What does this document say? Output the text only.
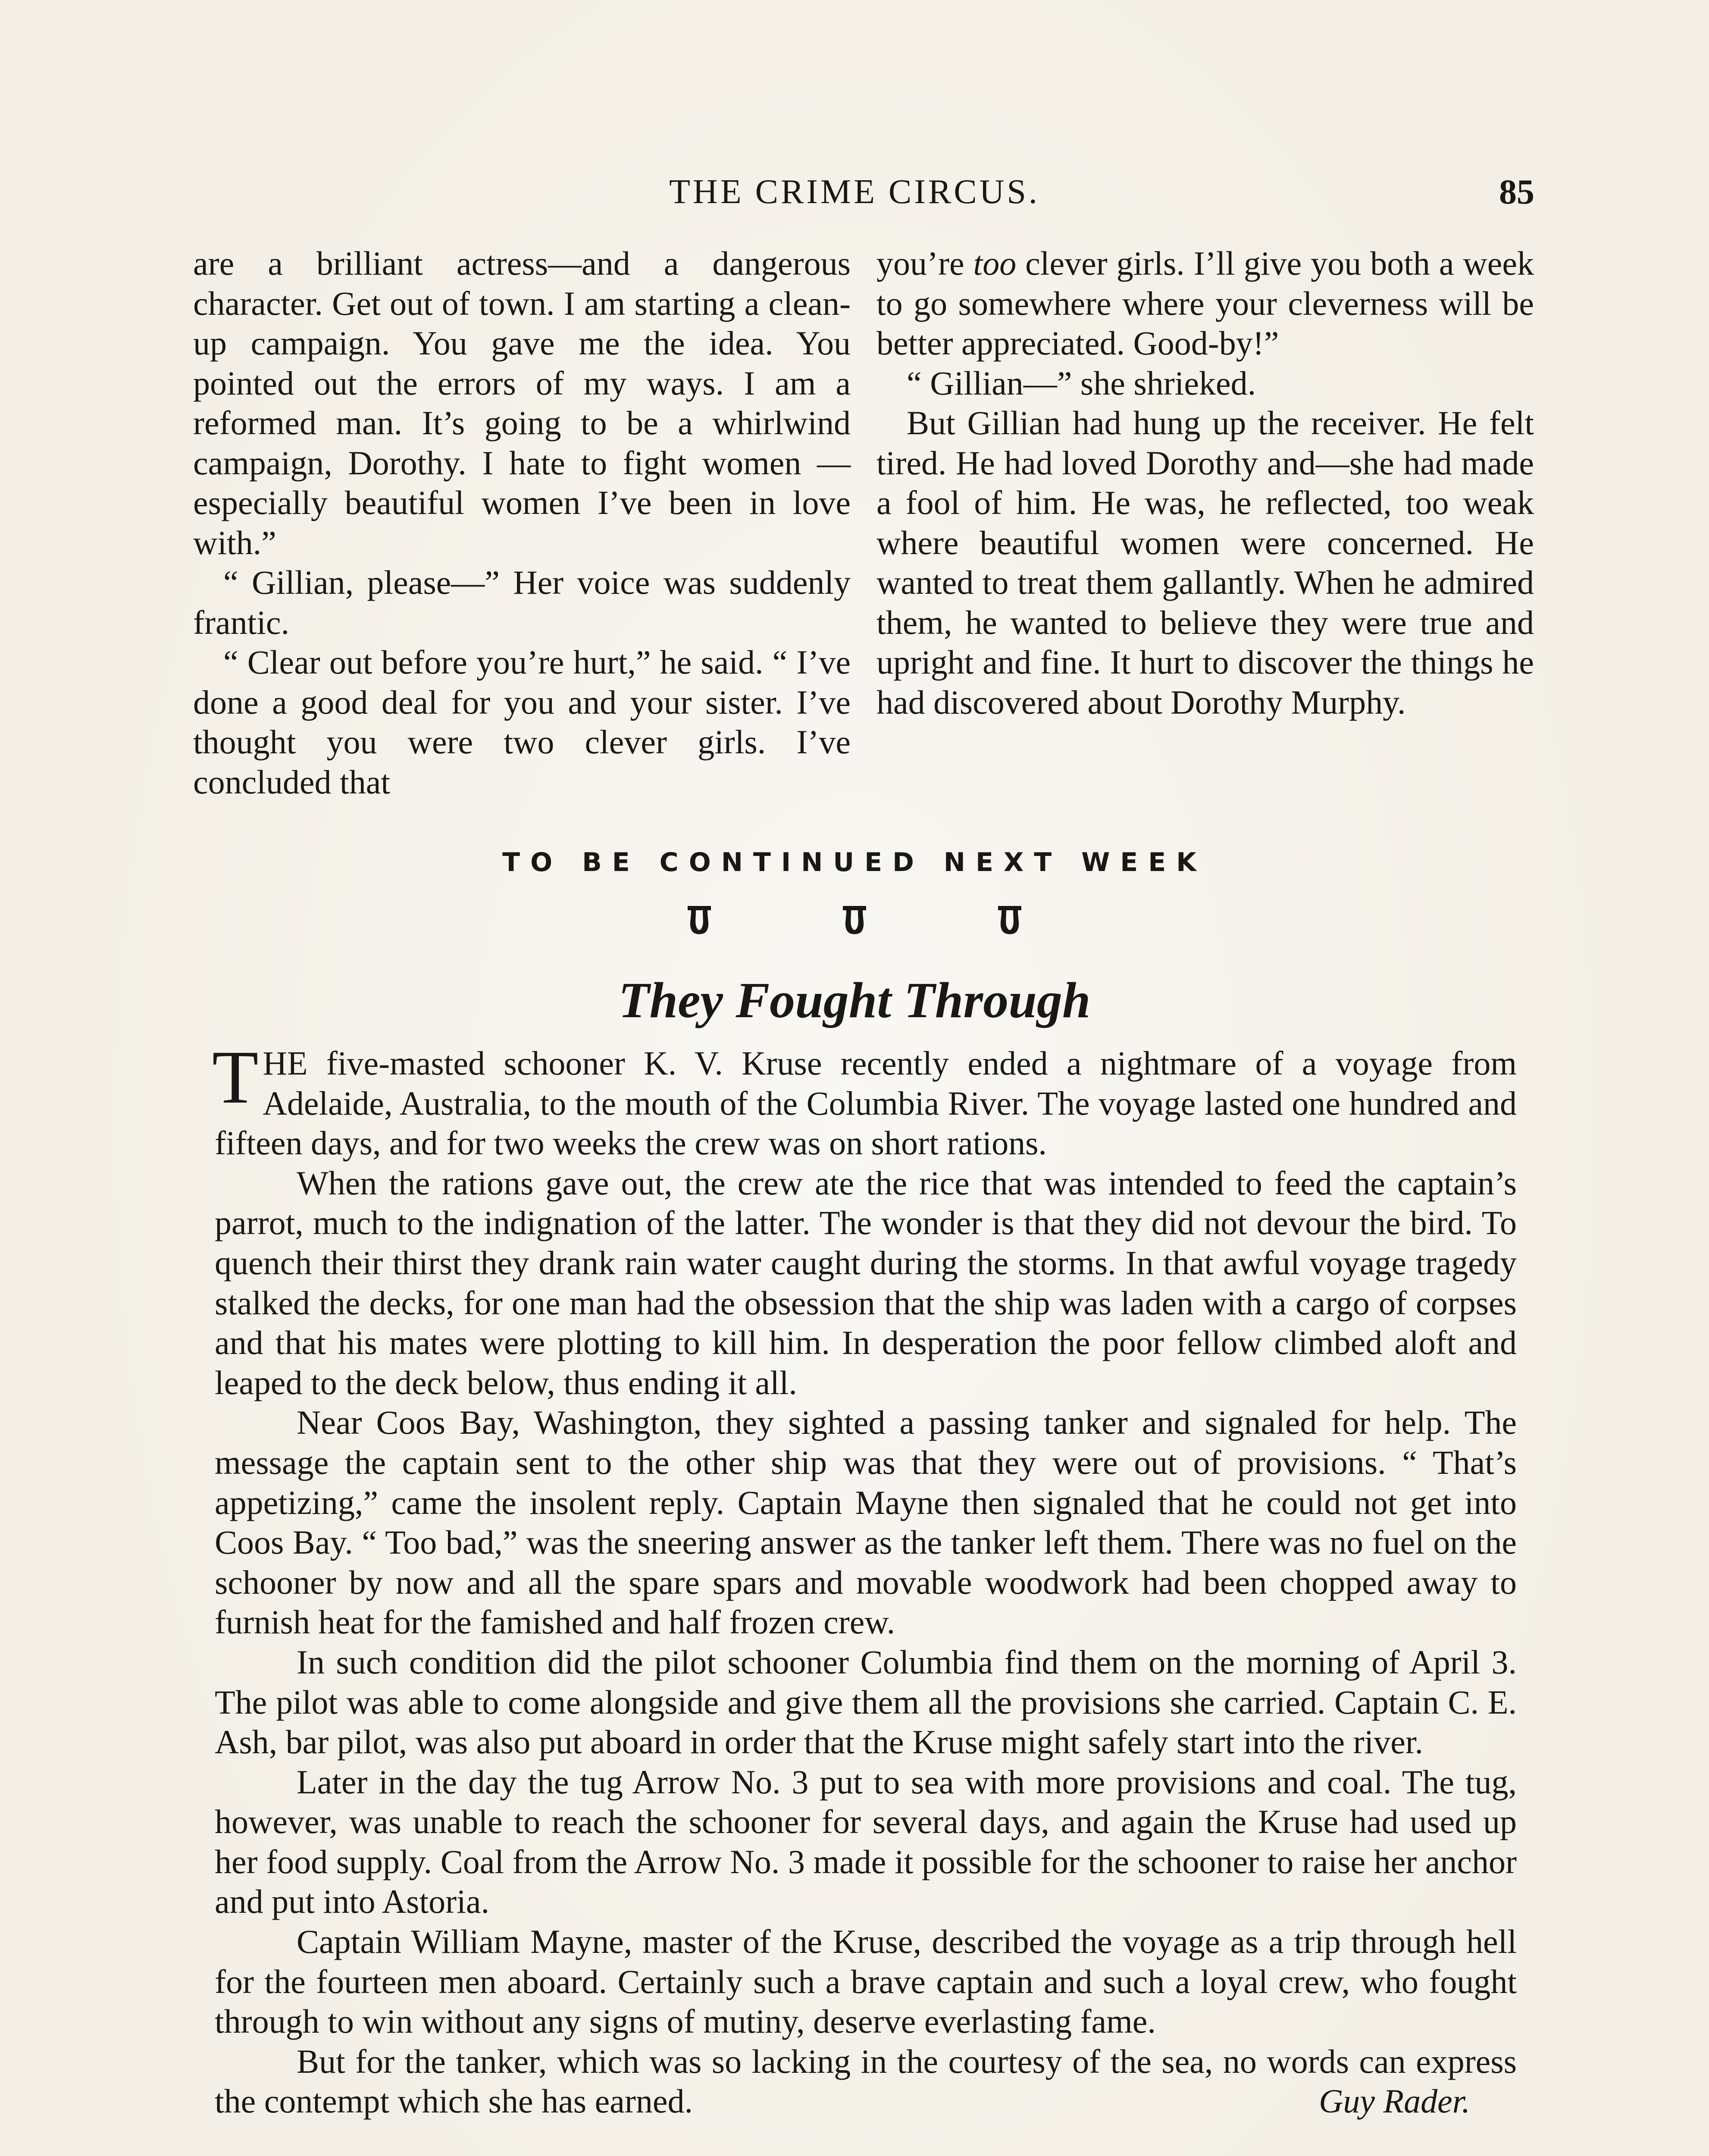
THE CRIME CIRCUS.	85

are a brilliant actress—and a dangerous character. Get out of town. I am starting a clean-up campaign. You gave me the idea. You pointed out the errors of my ways. I am a reformed man. It’s going to be a whirlwind campaign, Dorothy. I hate to fight women — especially beautiful women I’ve been in love with.”

“ Gillian, please—” Her voice was suddenly frantic.

“ Clear out before you’re hurt,” he said. “ I’ve done a good deal for you and your sister. I’ve thought you were two clever girls. I’ve concluded that

you’re too clever girls. I’ll give you both a week to go somewhere where your cleverness will be better appreciated. Good-by!”

“ Gillian—” she shrieked.

But Gillian had hung up the receiver. He felt tired. He had loved Dorothy and—she had made a fool of him. He was, he reflected, too weak where beautiful women were concerned. He wanted to treat them gallantly. When he admired them, he wanted to believe they were true and upright and fine. It hurt to discover the things he had discovered about Dorothy Murphy.

TO BE CONTINUED NEXT WEEK
They Fought Through

THE five-masted schooner K. V. Kruse recently ended a nightmare of a voyage from Adelaide, Australia, to the mouth of the Columbia River. The voyage lasted one hundred and fifteen days, and for two weeks the crew was on short rations.

When the rations gave out, the crew ate the rice that was intended to feed the captain’s parrot, much to the indignation of the latter. The wonder is that they did not devour the bird. To quench their thirst they drank rain water caught during the storms. In that awful voyage tragedy stalked the decks, for one man had the obsession that the ship was laden with a cargo of corpses and that his mates were plotting to kill him. In desperation the poor fellow climbed aloft and leaped to the deck below, thus ending it all.

Near Coos Bay, Washington, they sighted a passing tanker and signaled for help. The message the captain sent to the other ship was that they were out of provisions. “ That’s appetizing,” came the insolent reply. Captain Mayne then signaled that he could not get into Coos Bay. “ Too bad,” was the sneering answer as the tanker left them. There was no fuel on the schooner by now and all the spare spars and movable woodwork had been chopped away to furnish heat for the famished and half frozen crew.

In such condition did the pilot schooner Columbia find them on the morning of April 3. The pilot was able to come alongside and give them all the provisions she carried. Captain C. E. Ash, bar pilot, was also put aboard in order that the Kruse might safely start into the river.

Later in the day the tug Arrow No. 3 put to sea with more provisions and coal. The tug, however, was unable to reach the schooner for several days, and again the Kruse had used up her food supply. Coal from the Arrow No. 3 made it possible for the schooner to raise her anchor and put into Astoria.

Captain William Mayne, master of the Kruse, described the voyage as a trip through hell for the fourteen men aboard. Certainly such a brave captain and such a loyal crew, who fought through to win without any signs of mutiny, deserve everlasting fame.

But for the tanker, which was so lacking in the courtesy of the sea, no words can express the contempt which she has earned.	Guy Rader.
